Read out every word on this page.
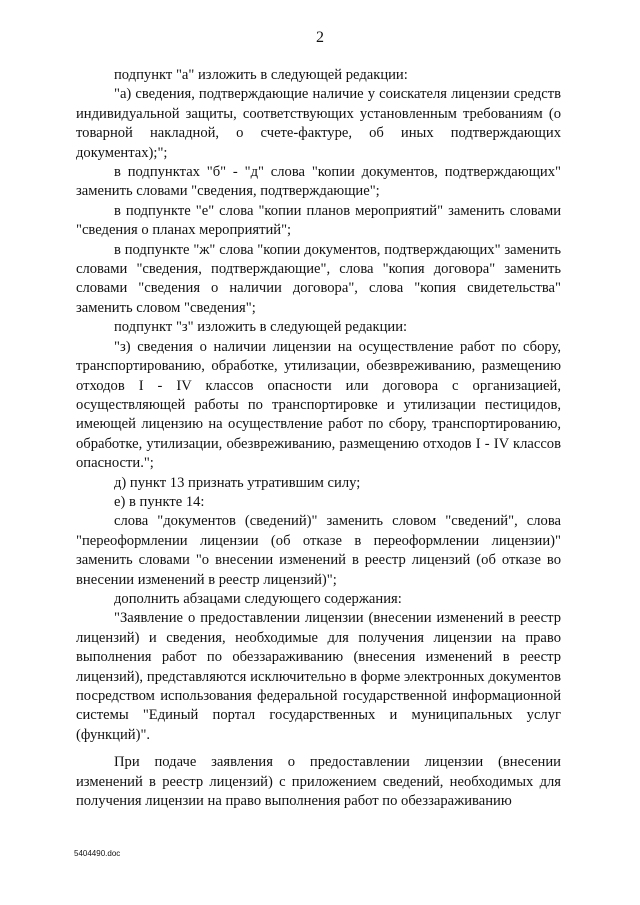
2

подпункт "а" изложить в следующей редакции:

"а) сведения, подтверждающие наличие у соискателя лицензии средств индивидуальной защиты, соответствующих установленным требованиям (о товарной накладной, о счете-фактуре, об иных подтверждающих документах);";

в подпунктах "б" - "д" слова "копии документов, подтверждающих" заменить словами "сведения, подтверждающие";

в подпункте "е" слова "копии планов мероприятий" заменить словами "сведения о планах мероприятий";

в подпункте "ж" слова "копии документов, подтверждающих" заменить словами "сведения, подтверждающие", слова "копия договора" заменить словами "сведения о наличии договора", слова "копия свидетельства" заменить словом "сведения";

подпункт "з" изложить в следующей редакции:

"з) сведения о наличии лицензии на осуществление работ по сбору, транспортированию, обработке, утилизации, обезвреживанию, размещению отходов I - IV классов опасности или договора с организацией, осуществляющей работы по транспортировке и утилизации пестицидов, имеющей лицензию на осуществление работ по сбору, транспортированию, обработке, утилизации, обезвреживанию, размещению отходов I - IV классов опасности.";

д) пункт 13 признать утратившим силу;

е) в пункте 14:

слова "документов (сведений)" заменить словом "сведений", слова "переоформлении лицензии (об отказе в переоформлении лицензии)" заменить словами "о внесении изменений в реестр лицензий (об отказе во внесении изменений в реестр лицензий)";

дополнить абзацами следующего содержания:

"Заявление о предоставлении лицензии (внесении изменений в реестр лицензий) и сведения, необходимые для получения лицензии на право выполнения работ по обеззараживанию (внесения изменений в реестр лицензий), представляются исключительно в форме электронных документов посредством использования федеральной государственной информационной системы "Единый портал государственных и муниципальных услуг (функций)".

При подаче заявления о предоставлении лицензии (внесении изменений в реестр лицензий) с приложением сведений, необходимых для получения лицензии на право выполнения работ по обеззараживанию

5404490.doc
